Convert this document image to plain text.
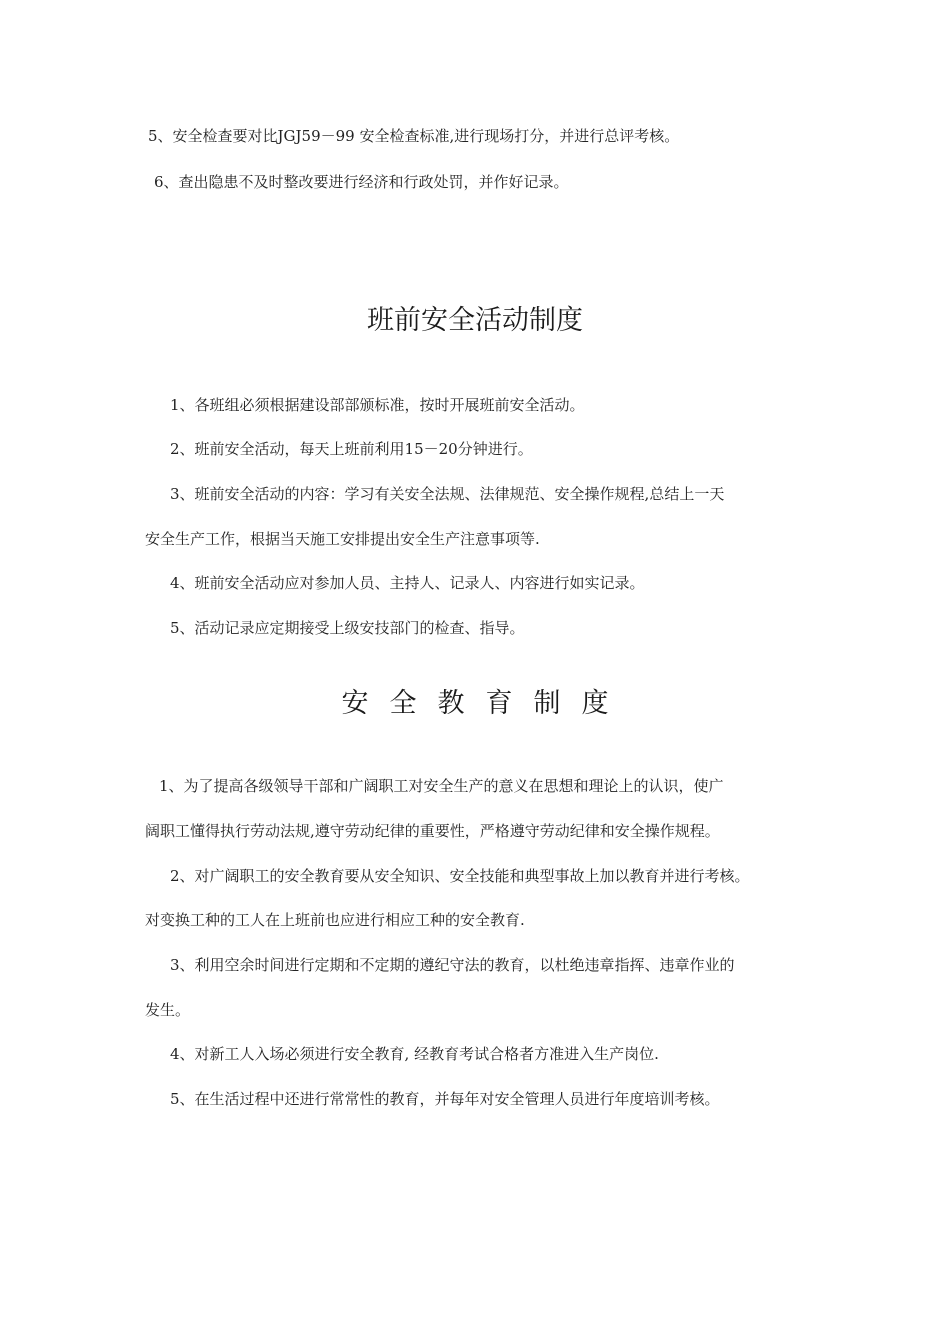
5、安全检查要对比JGJ59－99 安全检查标准,进行现场打分，并进行总评考核。

6、查出隐患不及时整改要进行经济和行政处罚，并作好记录。

班前安全活动制度

1、各班组必须根据建设部部颁标准，按时开展班前安全活动。

2、班前安全活动，每天上班前利用15－20分钟进行。

3、班前安全活动的内容：学习有关安全法规、法律规范、安全操作规程,总结上一天

安全生产工作，根据当天施工安排提出安全生产注意事项等.

4、班前安全活动应对参加人员、主持人、记录人、内容进行如实记录。

5、活动记录应定期接受上级安技部门的检查、指导。

安全教育制度

1、为了提高各级领导干部和广阔职工对安全生产的意义在思想和理论上的认识，使广

阔职工懂得执行劳动法规,遵守劳动纪律的重要性，严格遵守劳动纪律和安全操作规程。

2、对广阔职工的安全教育要从安全知识、安全技能和典型事故上加以教育并进行考核。

对变换工种的工人在上班前也应进行相应工种的安全教育.

3、利用空余时间进行定期和不定期的遵纪守法的教育，以杜绝违章指挥、违章作业的

发生。

4、对新工人入场必须进行安全教育, 经教育考试合格者方准进入生产岗位.

5、在生活过程中还进行常常性的教育，并每年对安全管理人员进行年度培训考核。
